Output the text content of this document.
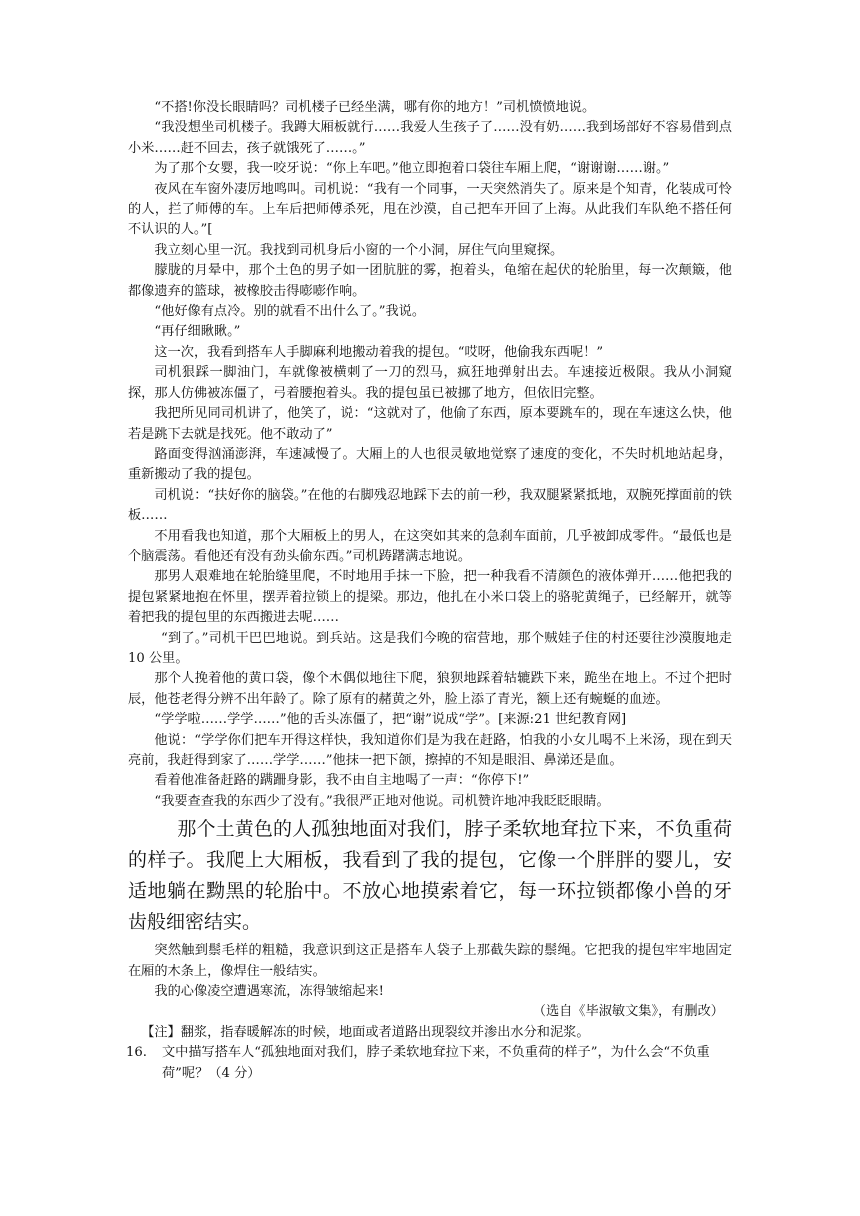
“不搭!你没长眼睛吗？司机楼子已经坐满，哪有你的地方！”司机愤愤地说。

“我没想坐司机楼子。我蹲大厢板就行……我爱人生孩子了……没有奶……我到场部好不容易借到点小米……赶不回去，孩子就饿死了……。”

为了那个女婴，我一咬牙说：“你上车吧。”他立即抱着口袋往车厢上爬，“谢谢谢……谢。”

夜风在车窗外凄厉地鸣叫。司机说：“我有一个同事，一天突然消失了。原来是个知青，化装成可怜的人，拦了师傅的车。上车后把师傅杀死，甩在沙漠，自己把车开回了上海。从此我们车队绝不搭任何不认识的人。”[

我立刻心里一沉。我找到司机身后小窗的一个小洞，屏住气向里窥探。

朦胧的月晕中，那个土色的男子如一团肮脏的雾，抱着头，龟缩在起伏的轮胎里，每一次颠簸，他都像遗弃的篮球，被橡胶击得嘭嘭作响。

“他好像有点冷。别的就看不出什么了。”我说。

“再仔细瞅瞅。”

这一次，我看到搭车人手脚麻利地搬动着我的提包。“哎呀，他偷我东西呢！”

司机狠踩一脚油门，车就像被横刺了一刀的烈马，疯狂地弹射出去。车速接近极限。我从小洞窥探，那人仿佛被冻僵了，弓着腰抱着头。我的提包虽已被挪了地方，但依旧完整。

我把所见同司机讲了，他笑了，说：“这就对了，他偷了东西，原本要跳车的，现在车速这么快，他若是跳下去就是找死。他不敢动了”

路面变得汹涌澎湃，车速减慢了。大厢上的人也很灵敏地觉察了速度的变化，不失时机地站起身，重新搬动了我的提包。

司机说：“扶好你的脑袋。”在他的右脚残忍地踩下去的前一秒，我双腿紧紧抵地，双腕死撑面前的铁板……

不用看我也知道，那个大厢板上的男人，在这突如其来的急刹车面前，几乎被卸成零件。“最低也是个脑震荡。看他还有没有劲头偷东西。”司机踌躇满志地说。

那男人艰难地在轮胎缝里爬，不时地用手抹一下脸，把一种我看不清颜色的液体弹开……他把我的提包紧紧地抱在怀里，摆弄着拉锁上的提梁。那边，他扎在小米口袋上的骆驼黄绳子，已经解开，就等着把我的提包里的东西搬进去呢……

“到了。”司机干巴巴地说。到兵站。这是我们今晚的宿营地，那个贼娃子住的村还要往沙漠腹地走 10 公里。

那个人挽着他的黄口袋，像个木偶似地往下爬，狼狈地踩着轱辘跌下来，跪坐在地上。不过个把时辰，他苍老得分辨不出年龄了。除了原有的赭黄之外，脸上添了青光，额上还有蜿蜒的血迹。

“学学啦……学学……”他的舌头冻僵了，把“谢”说成“学”。[来源:21 世纪教育网]

他说：“学学你们把车开得这样快，我知道你们是为我在赶路，怕我的小女儿喝不上米汤，现在到天亮前，我赶得到家了……学学……”他抹一把下颌，擦掉的不知是眼泪、鼻涕还是血。

看着他准备赶路的蹒跚身影，我不由自主地喝了一声：“你停下!”

“我要查查我的东西少了没有。”我很严正地对他说。司机赞许地冲我眨眨眼睛。

那个土黄色的人孤独地面对我们，脖子柔软地耷拉下来，不负重荷的样子。我爬上大厢板，我看到了我的提包，它像一个胖胖的婴儿，安适地躺在黝黑的轮胎中。不放心地摸索着它，每一环拉锁都像小兽的牙齿般细密结实。

突然触到鬃毛样的粗糙，我意识到这正是搭车人袋子上那截失踪的鬃绳。它把我的提包牢牢地固定在厢的木条上，像焊住一般结实。

我的心像凌空遭遇寒流，冻得皱缩起来!

（选自《毕淑敏文集》，有删改）

【注】翻浆，指春暖解冻的时候，地面或者道路出现裂纹并渗出水分和泥浆。

16. 文中描写搭车人“孤独地面对我们，脖子柔软地耷拉下来，不负重荷的样子”，为什么会“不负重荷”呢？（4 分）
